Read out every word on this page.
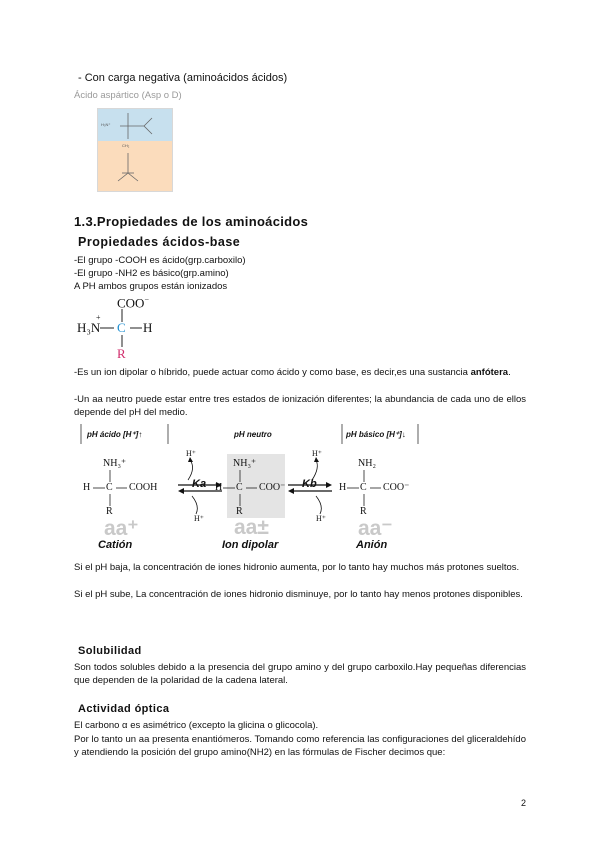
- Con carga negativa (aminoácidos ácidos)
Ácido aspártico (Asp o D)
H₃N⁺
CH₂
1.3.Propiedades de los aminoácidos
Propiedades ácidos-base
-El grupo -COOH es ácido(grp.carboxilo)
-El grupo -NH2 es básico(grp.amino)
A PH ambos grupos están ionizados
COO−
H₃N
+
C H
R
-Es un ion dipolar o híbrido, puede actuar como ácido y como base, es decir,es una sustancia anfótera.
-Un aa neutro puede estar entre tres estados de ionización diferentes; la abundancia de cada uno de ellos depende del pH del medio.
pH ácido [H⁺]↑	pH neutro	pH básico [H⁺]↓
NH₃⁺
H C COOH
R
aa⁺
Catión
NH₃⁺
H C COO⁻
R
aa±
Ion dipolar
NH₂
H C COO⁻
R
aa⁻
Anión
Ka	Kb
H⁺
H⁺
H⁺
H⁺
Si el pH baja, la concentración de iones hidronio aumenta, por lo tanto hay muchos más protones sueltos.
Si el pH sube, La concentración de iones hidronio disminuye, por lo tanto hay menos protones disponibles.
Solubilidad
Son todos solubles debido a la presencia del grupo amino y del grupo carboxilo.Hay pequeñas diferencias que dependen de la polaridad de la cadena lateral.
Actividad óptica
El carbono α es asimétrico (excepto la glicina o glicocola).
Por lo tanto un aa presenta enantiómeros. Tomando como referencia las configuraciones del gliceraldehído y atendiendo la posición del grupo amino(NH2) en las fórmulas de Fischer decimos que:
2
